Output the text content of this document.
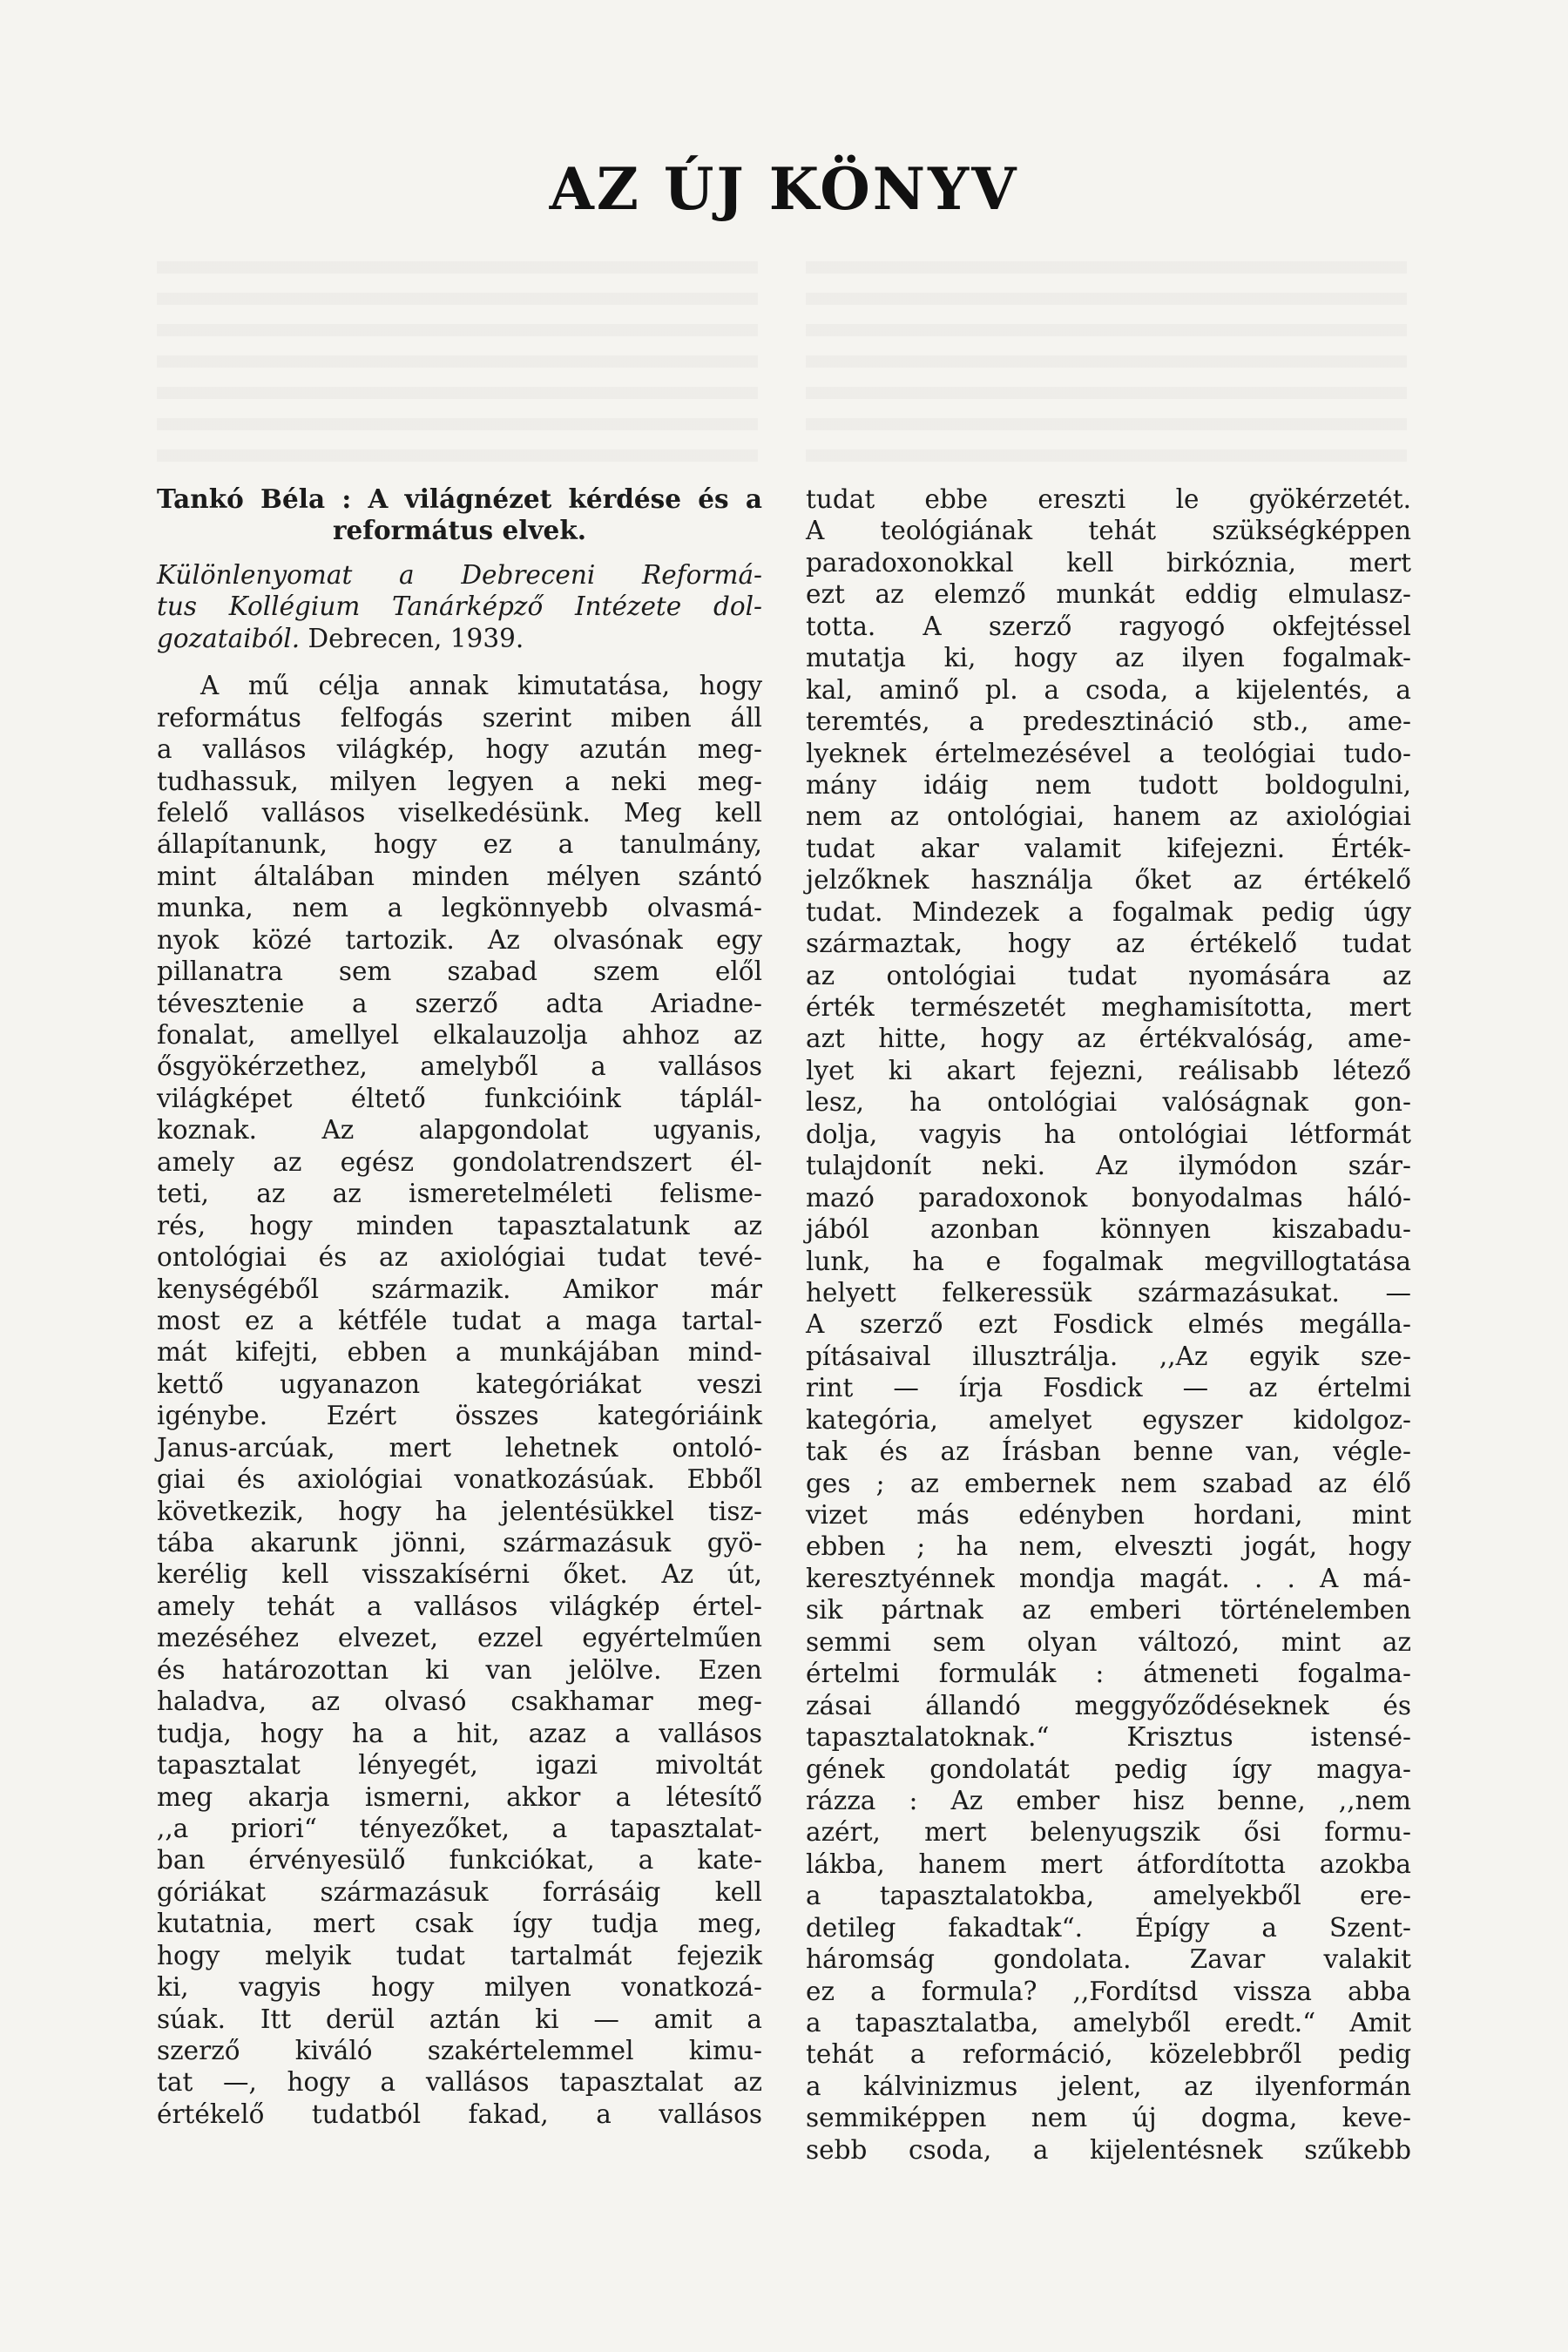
AZ ÚJ KÖNYV
Tankó Béla : A világnézet kérdése és a
református elvek.
Különlenyomat a Debreceni Reformá-
tus Kollégium Tanárképző Intézete dol-
gozataiból. Debrecen, 1939.
A mű célja annak kimutatása, hogy
református felfogás szerint miben áll
a vallásos világkép, hogy azután meg-
tudhassuk, milyen legyen a neki meg-
felelő vallásos viselkedésünk. Meg kell
állapítanunk, hogy ez a tanulmány,
mint általában minden mélyen szántó
munka, nem a legkönnyebb olvasmá-
nyok közé tartozik. Az olvasónak egy
pillanatra sem szabad szem elől
tévesztenie a szerző adta Ariadne-
fonalat, amellyel elkalauzolja ahhoz az
ősgyökérzethez, amelyből a vallásos
világképet éltető funkcióink táplál-
koznak. Az alapgondolat ugyanis,
amely az egész gondolatrendszert él-
teti, az az ismeretelméleti felisme-
rés, hogy minden tapasztalatunk az
ontológiai és az axiológiai tudat tevé-
kenységéből származik. Amikor már
most ez a kétféle tudat a maga tartal-
mát kifejti, ebben a munkájában mind-
kettő ugyanazon kategóriákat veszi
igénybe. Ezért összes kategóriáink
Janus-arcúak, mert lehetnek ontoló-
giai és axiológiai vonatkozásúak. Ebből
következik, hogy ha jelentésükkel tisz-
tába akarunk jönni, származásuk gyö-
kerélig kell visszakísérni őket. Az út,
amely tehát a vallásos világkép értel-
mezéséhez elvezet, ezzel egyértelműen
és határozottan ki van jelölve. Ezen
haladva, az olvasó csakhamar meg-
tudja, hogy ha a hit, azaz a vallásos
tapasztalat lényegét, igazi mivoltát
meg akarja ismerni, akkor a létesítő
,,a priori“ tényezőket, a tapasztalat-
ban érvényesülő funkciókat, a kate-
góriákat származásuk forrásáig kell
kutatnia, mert csak így tudja meg,
hogy melyik tudat tartalmát fejezik
ki, vagyis hogy milyen vonatkozá-
súak. Itt derül aztán ki — amit a
szerző kiváló szakértelemmel kimu-
tat —, hogy a vallásos tapasztalat az
értékelő tudatból fakad, a vallásos
tudat ebbe ereszti le gyökérzetét.
A teológiának tehát szükségképpen
paradoxonokkal kell birkóznia, mert
ezt az elemző munkát eddig elmulasz-
totta. A szerző ragyogó okfejtéssel
mutatja ki, hogy az ilyen fogalmak-
kal, aminő pl. a csoda, a kijelentés, a
teremtés, a predesztináció stb., ame-
lyeknek értelmezésével a teológiai tudo-
mány idáig nem tudott boldogulni,
nem az ontológiai, hanem az axiológiai
tudat akar valamit kifejezni. Érték-
jelzőknek használja őket az értékelő
tudat. Mindezek a fogalmak pedig úgy
származtak, hogy az értékelő tudat
az ontológiai tudat nyomására az
érték természetét meghamisította, mert
azt hitte, hogy az értékvalóság, ame-
lyet ki akart fejezni, reálisabb létező
lesz, ha ontológiai valóságnak gon-
dolja, vagyis ha ontológiai létformát
tulajdonít neki. Az ilymódon szár-
mazó paradoxonok bonyodalmas háló-
jából azonban könnyen kiszabadu-
lunk, ha e fogalmak megvillogtatása
helyett felkeressük származásukat. —
A szerző ezt Fosdick elmés megálla-
pításaival illusztrálja. ,,Az egyik sze-
rint — írja Fosdick — az értelmi
kategória, amelyet egyszer kidolgoz-
tak és az Írásban benne van, végle-
ges ; az embernek nem szabad az élő
vizet más edényben hordani, mint
ebben ; ha nem, elveszti jogát, hogy
keresztyénnek mondja magát. . . A má-
sik pártnak az emberi történelemben
semmi sem olyan változó, mint az
értelmi formulák : átmeneti fogalma-
zásai állandó meggyőződéseknek és
tapasztalatoknak.“ Krisztus istensé-
gének gondolatát pedig így magya-
rázza : Az ember hisz benne, ,,nem
azért, mert belenyugszik ősi formu-
lákba, hanem mert átfordította azokba
a tapasztalatokba, amelyekből ere-
detileg fakadtak“. Épígy a Szent-
háromság gondolata. Zavar valakit
ez a formula? ,,Fordítsd vissza abba
a tapasztalatba, amelyből eredt.“ Amit
tehát a reformáció, közelebbről pedig
a kálvinizmus jelent, az ilyenformán
semmiképpen nem új dogma, keve-
sebb csoda, a kijelentésnek szűkebb
